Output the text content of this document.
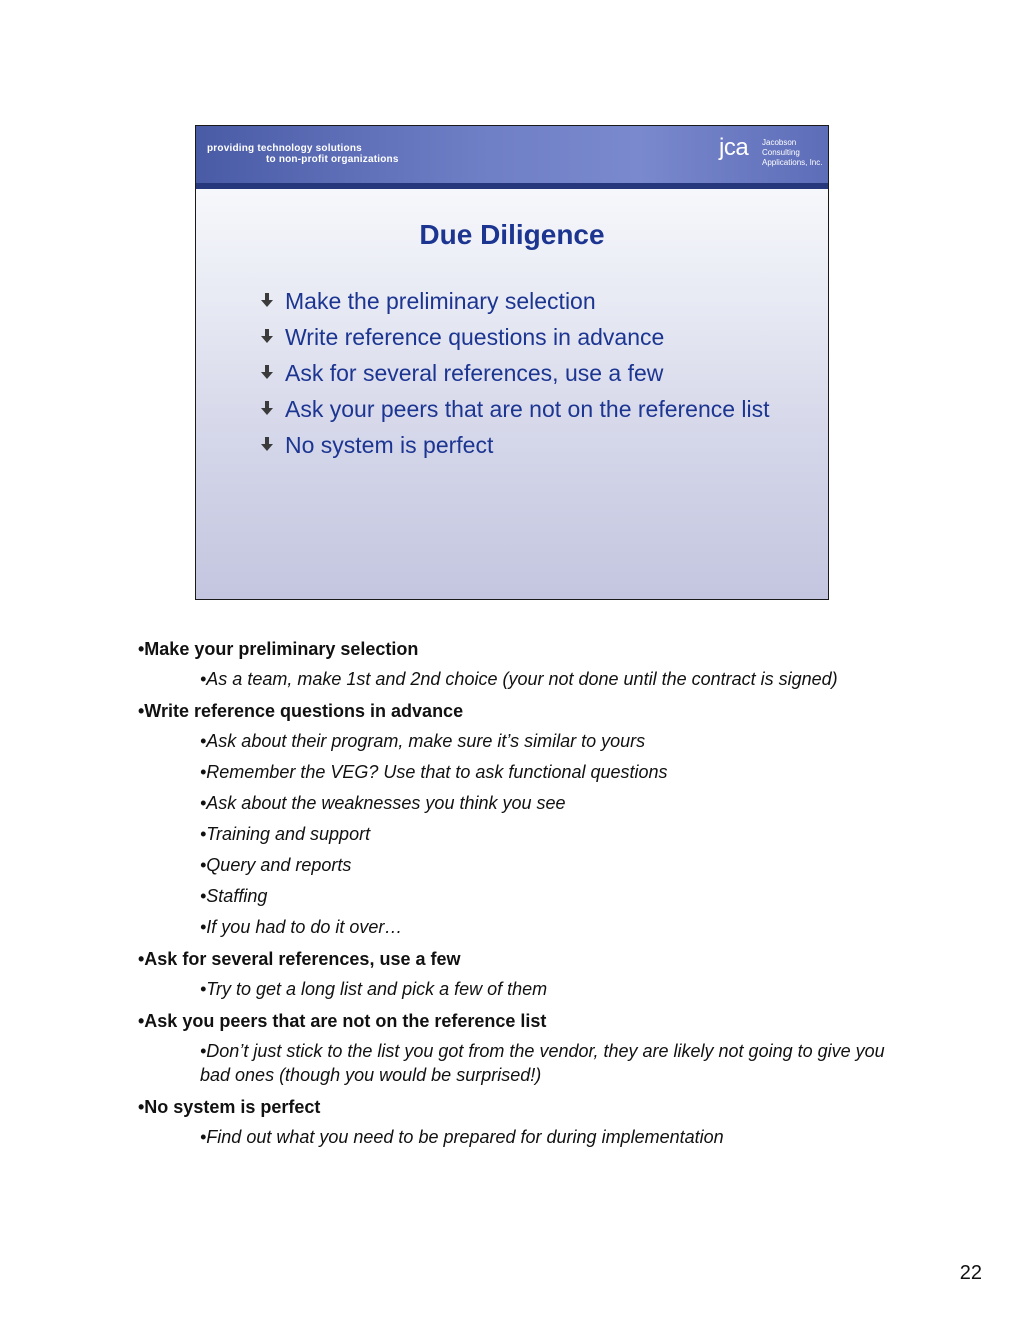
providing technology solutions
to non-profit organizations	jca Jacobson
Consulting
Applications, Inc.
Due Diligence
Make the preliminary selection
Write reference questions in advance
Ask for several references, use a few
Ask your peers that are not on the reference list
No system is perfect
•Make your preliminary selection
•As a team, make 1st and 2nd choice (your not done until the contract is signed)
•Write reference questions in advance
•Ask about their program, make sure it’s similar to yours
•Remember the VEG? Use that to ask functional questions
•Ask about the weaknesses you think you see
•Training and support
•Query and reports
•Staffing
•If you had to do it over…
•Ask for several references, use a few
•Try to get a long list and pick a few of them
•Ask you peers that are not on the reference list
•Don’t just stick to the list you got from the vendor, they are likely not going to give you bad ones (though you would be surprised!)
•No system is perfect
•Find out what you need to be prepared for during implementation
22
